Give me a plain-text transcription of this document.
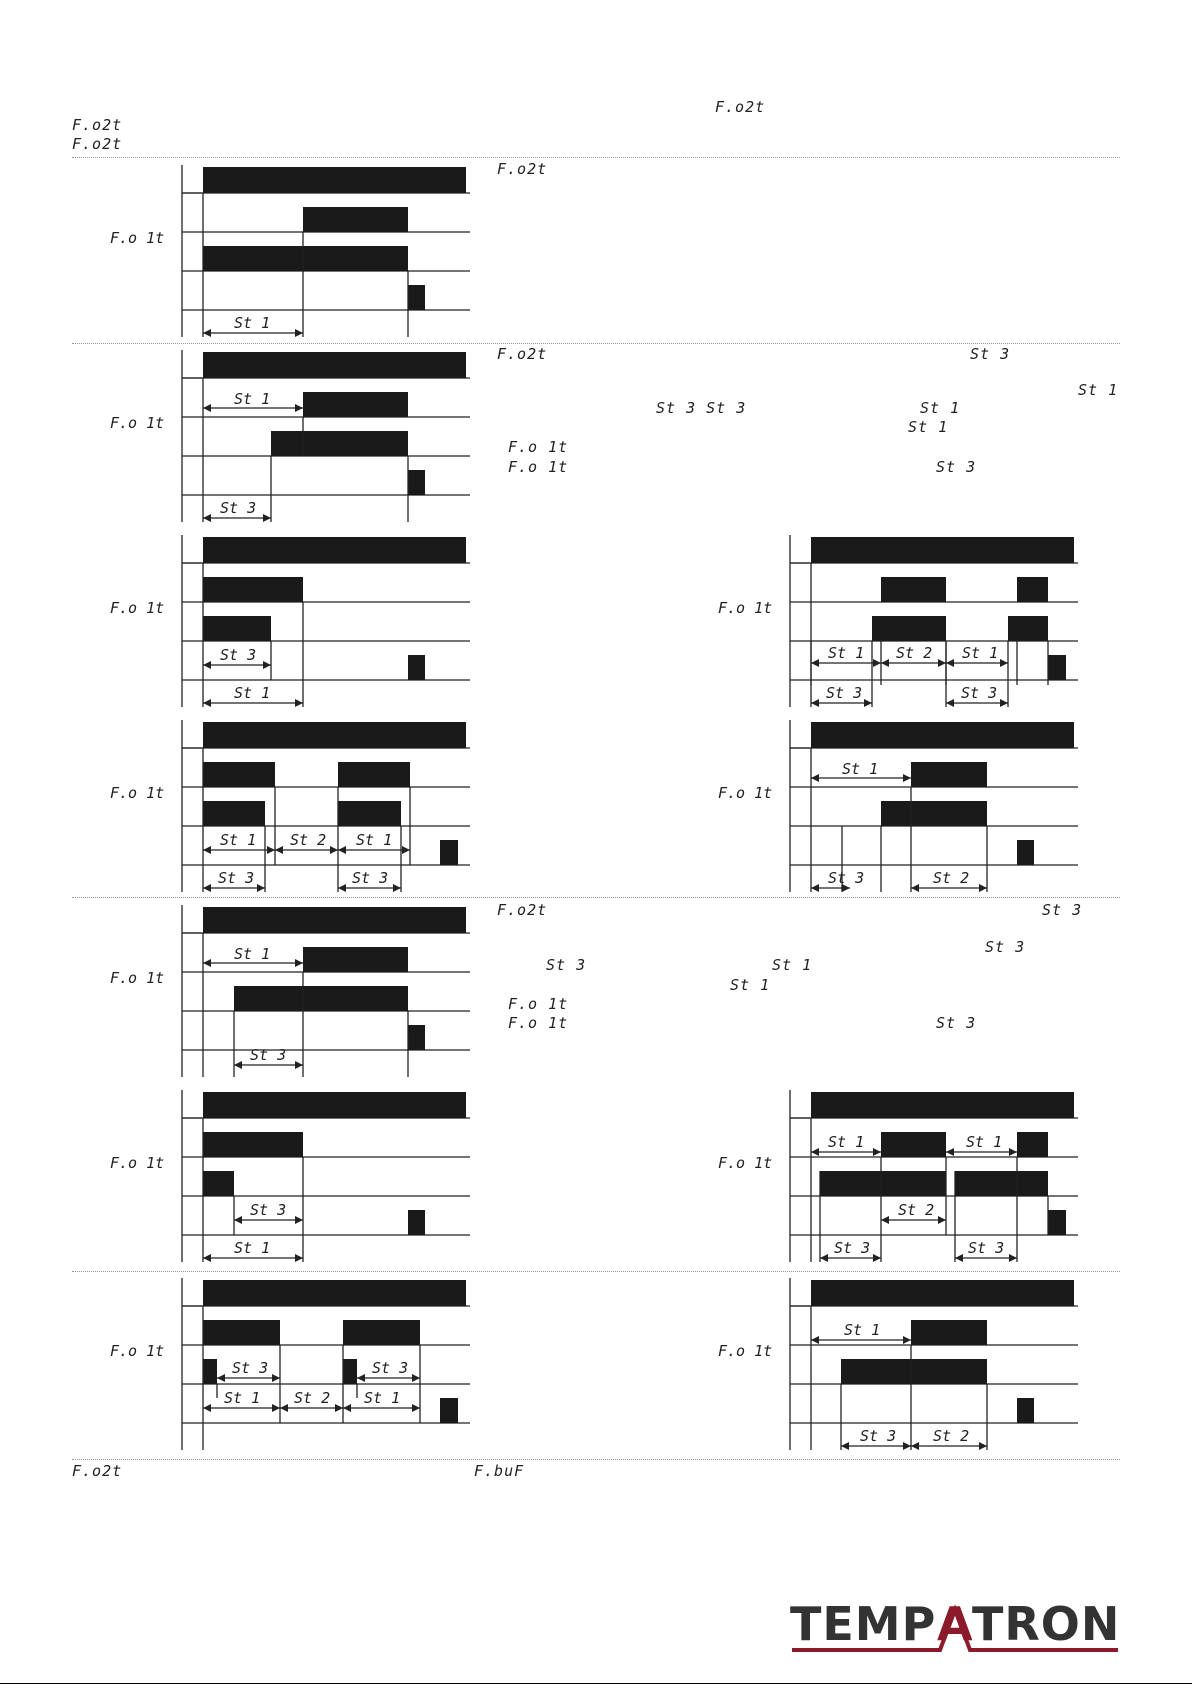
F.o2t
F.o2t
F.o2t
F.o2t
F.o2t	St 3
St 1
St 3 St 3	St 1
St 1
F.o 1t
F.o 1t	St 3
F.o2t	St 3
St 3
St 3	St 1
St 1
F.o 1t
F.o 1t	St 3
F.o2t	F.buF
F.o 1t
St 1
F.o 1t
St 1
St 3
F.o 1t
St 3
St 1
F.o 1t
St 1 St 2 St 1
St 3	St 3
F.o 1t
St 1 St 2 St 1
St 3	St 3
F.o 1t
St 1
St 3	St 2
F.o 1t
St 1
St 3
F.o 1t
St 3
St 1
F.o 1t
St 1	St 1
St 2
St 3	St 3
F.o 1t
St 3	St 3
St 1 St 2 St 1
F.o 1t
St 1
St 3 St 2
TEMP A TRON
